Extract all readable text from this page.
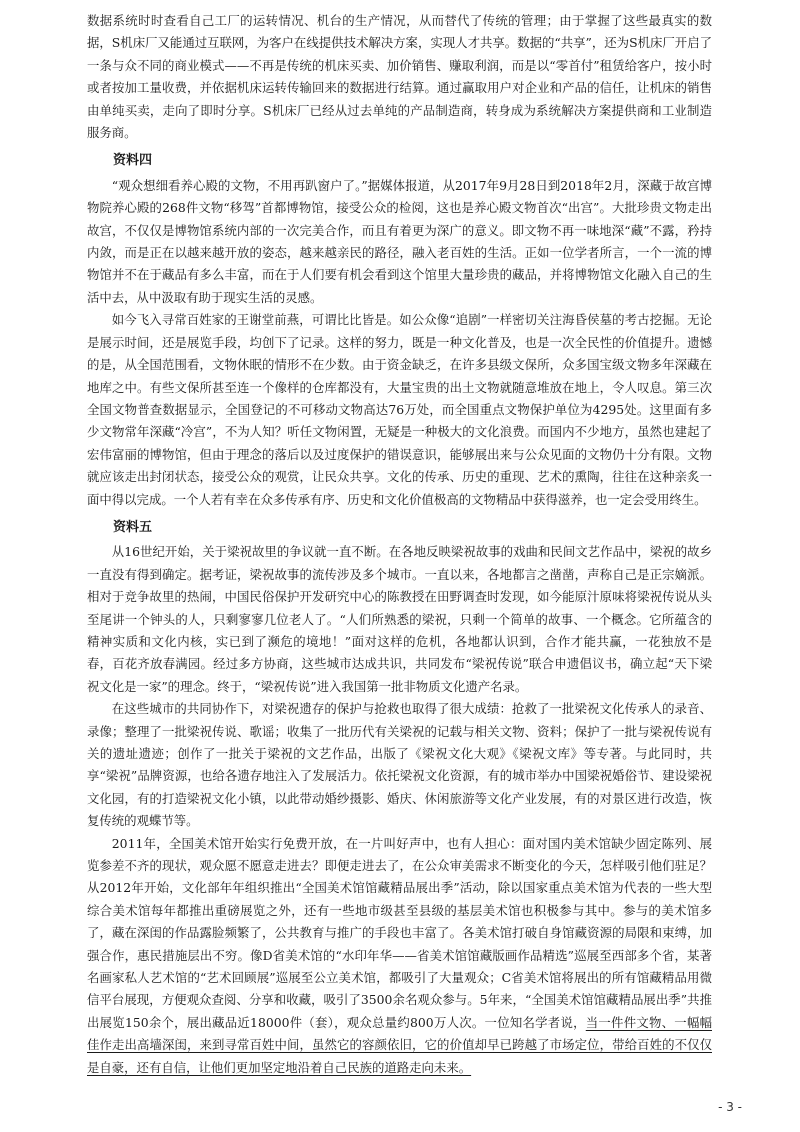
数据系统时时查看自己工厂的运转情况、机台的生产情况，从而替代了传统的管理；由于掌握了这些最真实的数据，S机床厂又能通过互联网，为客户在线提供技术解决方案，实现人才共享。数据的“共享”，还为S机床厂开启了一条与众不同的商业模式——不再是传统的机床买卖、加价销售、赚取利润，而是以“零首付”租赁给客户，按小时或者按加工量收费，并依据机床运转传输回来的数据进行结算。通过赢取用户对企业和产品的信任，让机床的销售由单纯买卖，走向了即时分享。S机床厂已经从过去单纯的产品制造商，转身成为系统解决方案提供商和工业制造服务商。

资料四

“观众想细看养心殿的文物，不用再趴窗户了。”据媒体报道，从2017年9月28日到2018年2月，深藏于故宫博物院养心殿的268件文物“移驾”首都博物馆，接受公众的检阅，这也是养心殿文物首次“出宫”。大批珍贵文物走出故宫，不仅仅是博物馆系统内部的一次完美合作，而且有着更为深广的意义。即文物不再一味地深“藏”不露，矜持内敛，而是正在以越来越开放的姿态，越来越亲民的路径，融入老百姓的生活。正如一位学者所言，一个一流的博物馆并不在于藏品有多么丰富，而在于人们要有机会看到这个馆里大量珍贵的藏品，并将博物馆文化融入自己的生活中去，从中汲取有助于现实生活的灵感。

如今飞入寻常百姓家的王谢堂前燕，可谓比比皆是。如公众像“追剧”一样密切关注海昏侯墓的考古挖掘。无论是展示时间，还是展览手段，均创下了记录。这样的努力，既是一种文化普及，也是一次全民性的价值提升。遗憾的是，从全国范围看，文物休眠的情形不在少数。由于资金缺乏，在许多县级文保所，众多国宝级文物多年深藏在地库之中。有些文保所甚至连一个像样的仓库都没有，大量宝贵的出土文物就随意堆放在地上，令人叹息。第三次全国文物普查数据显示，全国登记的不可移动文物高达76万处，而全国重点文物保护单位为4295处。这里面有多少文物常年深藏“冷宫”，不为人知？听任文物闲置，无疑是一种极大的文化浪费。而国内不少地方，虽然也建起了宏伟富丽的博物馆，但由于理念的落后以及过度保护的错误意识，能够展出来与公众见面的文物仍十分有限。文物就应该走出封闭状态，接受公众的观赏，让民众共享。文化的传承、历史的重现、艺术的熏陶，往往在这种亲炙一面中得以完成。一个人若有幸在众多传承有序、历史和文化价值极高的文物精品中获得滋养，也一定会受用终生。

资料五

从16世纪开始，关于梁祝故里的争议就一直不断。在各地反映梁祝故事的戏曲和民间文艺作品中，梁祝的故乡一直没有得到确定。据考证，梁祝故事的流传涉及多个城市。一直以来，各地都言之凿凿，声称自己是正宗嫡派。相对于竞争故里的热闹，中国民俗保护开发研究中心的陈教授在田野调查时发现，如今能原汁原味将梁祝传说从头至尾讲一个钟头的人，只剩寥寥几位老人了。“人们所熟悉的梁祝，只剩一个简单的故事、一个概念。它所蕴含的精神实质和文化内核，实已到了濒危的境地！”面对这样的危机，各地都认识到，合作才能共赢，一花独放不是春，百花齐放春满园。经过多方协商，这些城市达成共识，共同发布“梁祝传说”联合申遗倡议书，确立起“天下梁祝文化是一家”的理念。终于，“梁祝传说”进入我国第一批非物质文化遗产名录。

在这些城市的共同协作下，对梁祝遗存的保护与抢救也取得了很大成绩：抢救了一批梁祝文化传承人的录音、录像；整理了一批梁祝传说、歌谣；收集了一批历代有关梁祝的记载与相关文物、资料；保护了一批与梁祝传说有关的遗址遗迹；创作了一批关于梁祝的文艺作品，出版了《梁祝文化大观》《梁祝文库》等专著。与此同时，共享“梁祝”品牌资源，也给各遗存地注入了发展活力。依托梁祝文化资源，有的城市举办中国梁祝婚俗节、建设梁祝文化园，有的打造梁祝文化小镇，以此带动婚纱摄影、婚庆、休闲旅游等文化产业发展，有的对景区进行改造，恢复传统的观蝶节等。

2011年，全国美术馆开始实行免费开放，在一片叫好声中，也有人担心：面对国内美术馆缺少固定陈列、展览参差不齐的现状，观众愿不愿意走进去？即便走进去了，在公众审美需求不断变化的今天，怎样吸引他们驻足？从2012年开始，文化部年年组织推出“全国美术馆馆藏精品展出季”活动，除以国家重点美术馆为代表的一些大型综合美术馆每年都推出重磅展览之外，还有一些地市级甚至县级的基层美术馆也积极参与其中。参与的美术馆多了，藏在深闺的作品露脸频繁了，公共教育与推广的手段也丰富了。各美术馆打破自身馆藏资源的局限和束缚，加强合作，惠民措施层出不穷。像D省美术馆的“水印年华——省美术馆馆藏版画作品精选”巡展至西部多个省，某著名画家私人艺术馆的“艺术回顾展”巡展至公立美术馆，都吸引了大量观众；C省美术馆将展出的所有馆藏精品用微信平台展现，方便观众查阅、分享和收藏，吸引了3500余名观众参与。5年来，“全国美术馆馆藏精品展出季”共推出展览150余个，展出藏品近18000件（套），观众总量约800万人次。一位知名学者说，当一件件文物、一幅幅佳作走出高墙深闺，来到寻常百姓中间，虽然它的容颜依旧，它的价值却早已跨越了市场定位，带给百姓的不仅仅是自豪，还有自信，让他们更加坚定地沿着自己民族的道路走向未来。

- 3 -
